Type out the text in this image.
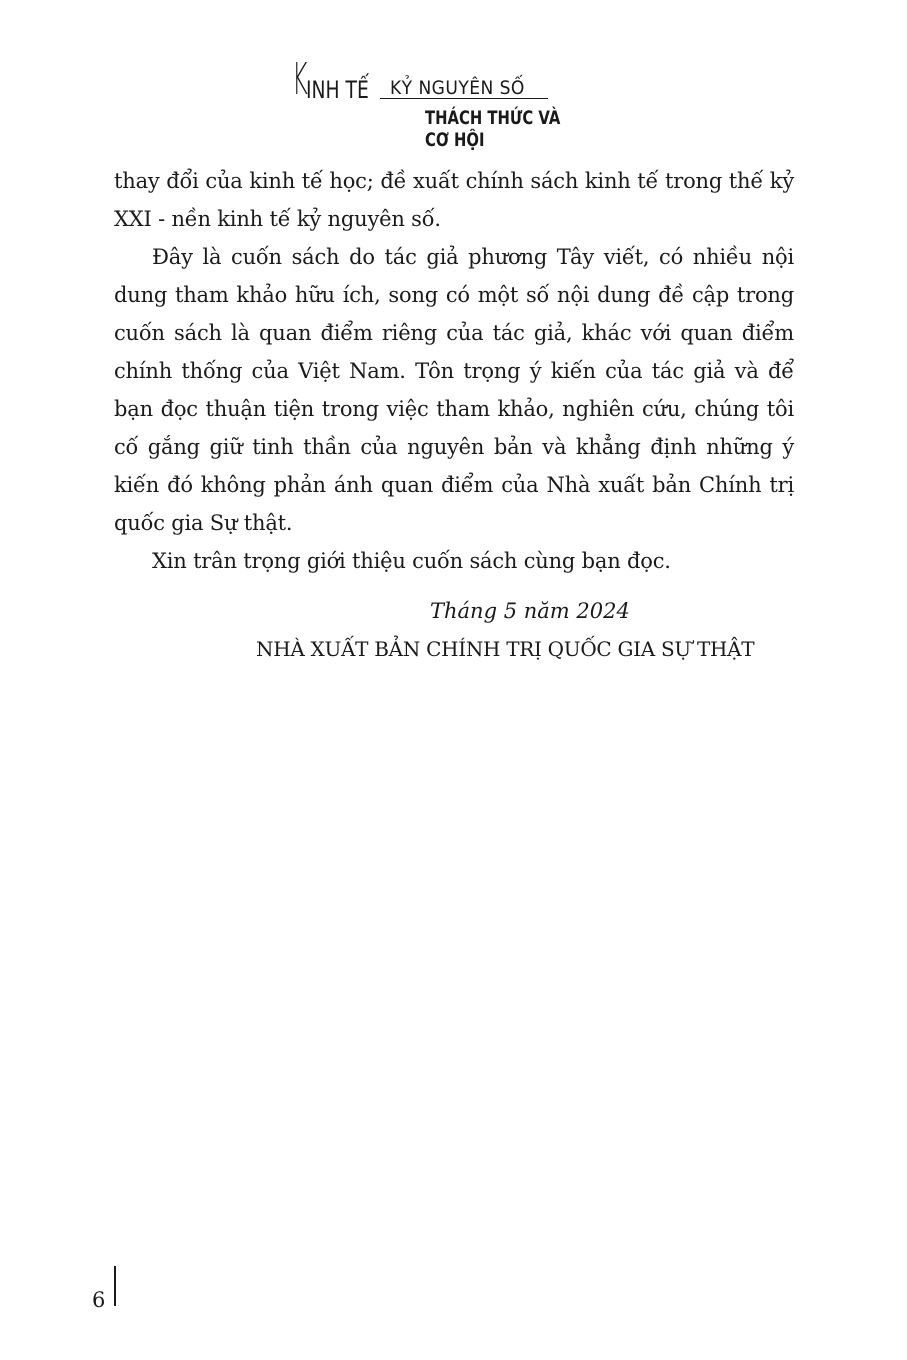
K
INH TẾ KỶ NGUYÊN SỐ
THÁCH THỨC VÀ CƠ HỘI

thay đổi của kinh tế học; đề xuất chính sách kinh tế trong thế kỷ XXI - nền kinh tế kỷ nguyên số.

Đây là cuốn sách do tác giả phương Tây viết, có nhiều nội dung tham khảo hữu ích, song có một số nội dung đề cập trong cuốn sách là quan điểm riêng của tác giả, khác với quan điểm chính thống của Việt Nam. Tôn trọng ý kiến của tác giả và để bạn đọc thuận tiện trong việc tham khảo, nghiên cứu, chúng tôi cố gắng giữ tinh thần của nguyên bản và khẳng định những ý kiến đó không phản ánh quan điểm của Nhà xuất bản Chính trị quốc gia Sự thật.

Xin trân trọng giới thiệu cuốn sách cùng bạn đọc.

Tháng 5 năm 2024
NHÀ XUẤT BẢN CHÍNH TRỊ QUỐC GIA SỰ THẬT
6
